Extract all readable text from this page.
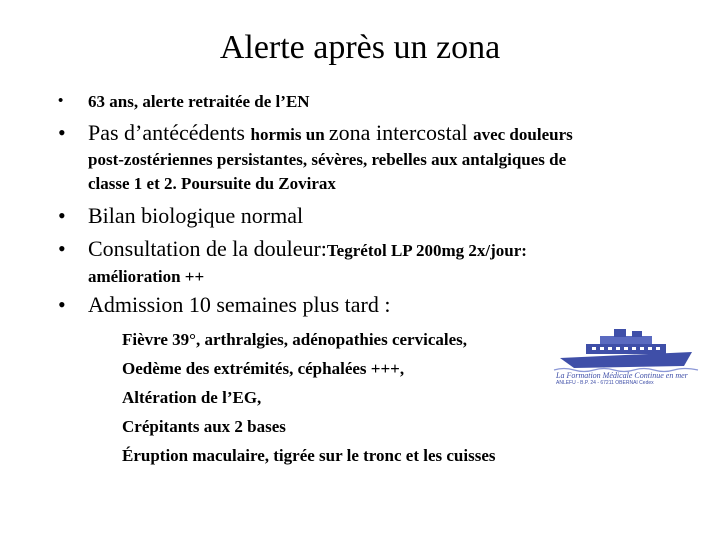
Alerte après un zona
• 63 ans, alerte retraitée de l’EN
• Pas d’antécédents hormis un zona intercostal avec douleurs
post-zostériennes persistantes, sévères, rebelles aux antalgiques de
classe 1 et 2. Poursuite du Zovirax
• Bilan biologique normal
• Consultation de la douleur:Tegrétol LP 200mg 2x/jour:
amélioration ++
• Admission 10 semaines plus tard :
Fièvre 39°, arthralgies, adénopathies cervicales,
Oedème des extrémités, céphalées +++,
Altération de l’EG,
Crépitants aux 2 bases
Éruption maculaire, tigrée sur le tronc et les cuisses
La Formation Médicale Continue en mer
ANLEFU - B.P. 24 - 67211 OBERNAI Cedex
